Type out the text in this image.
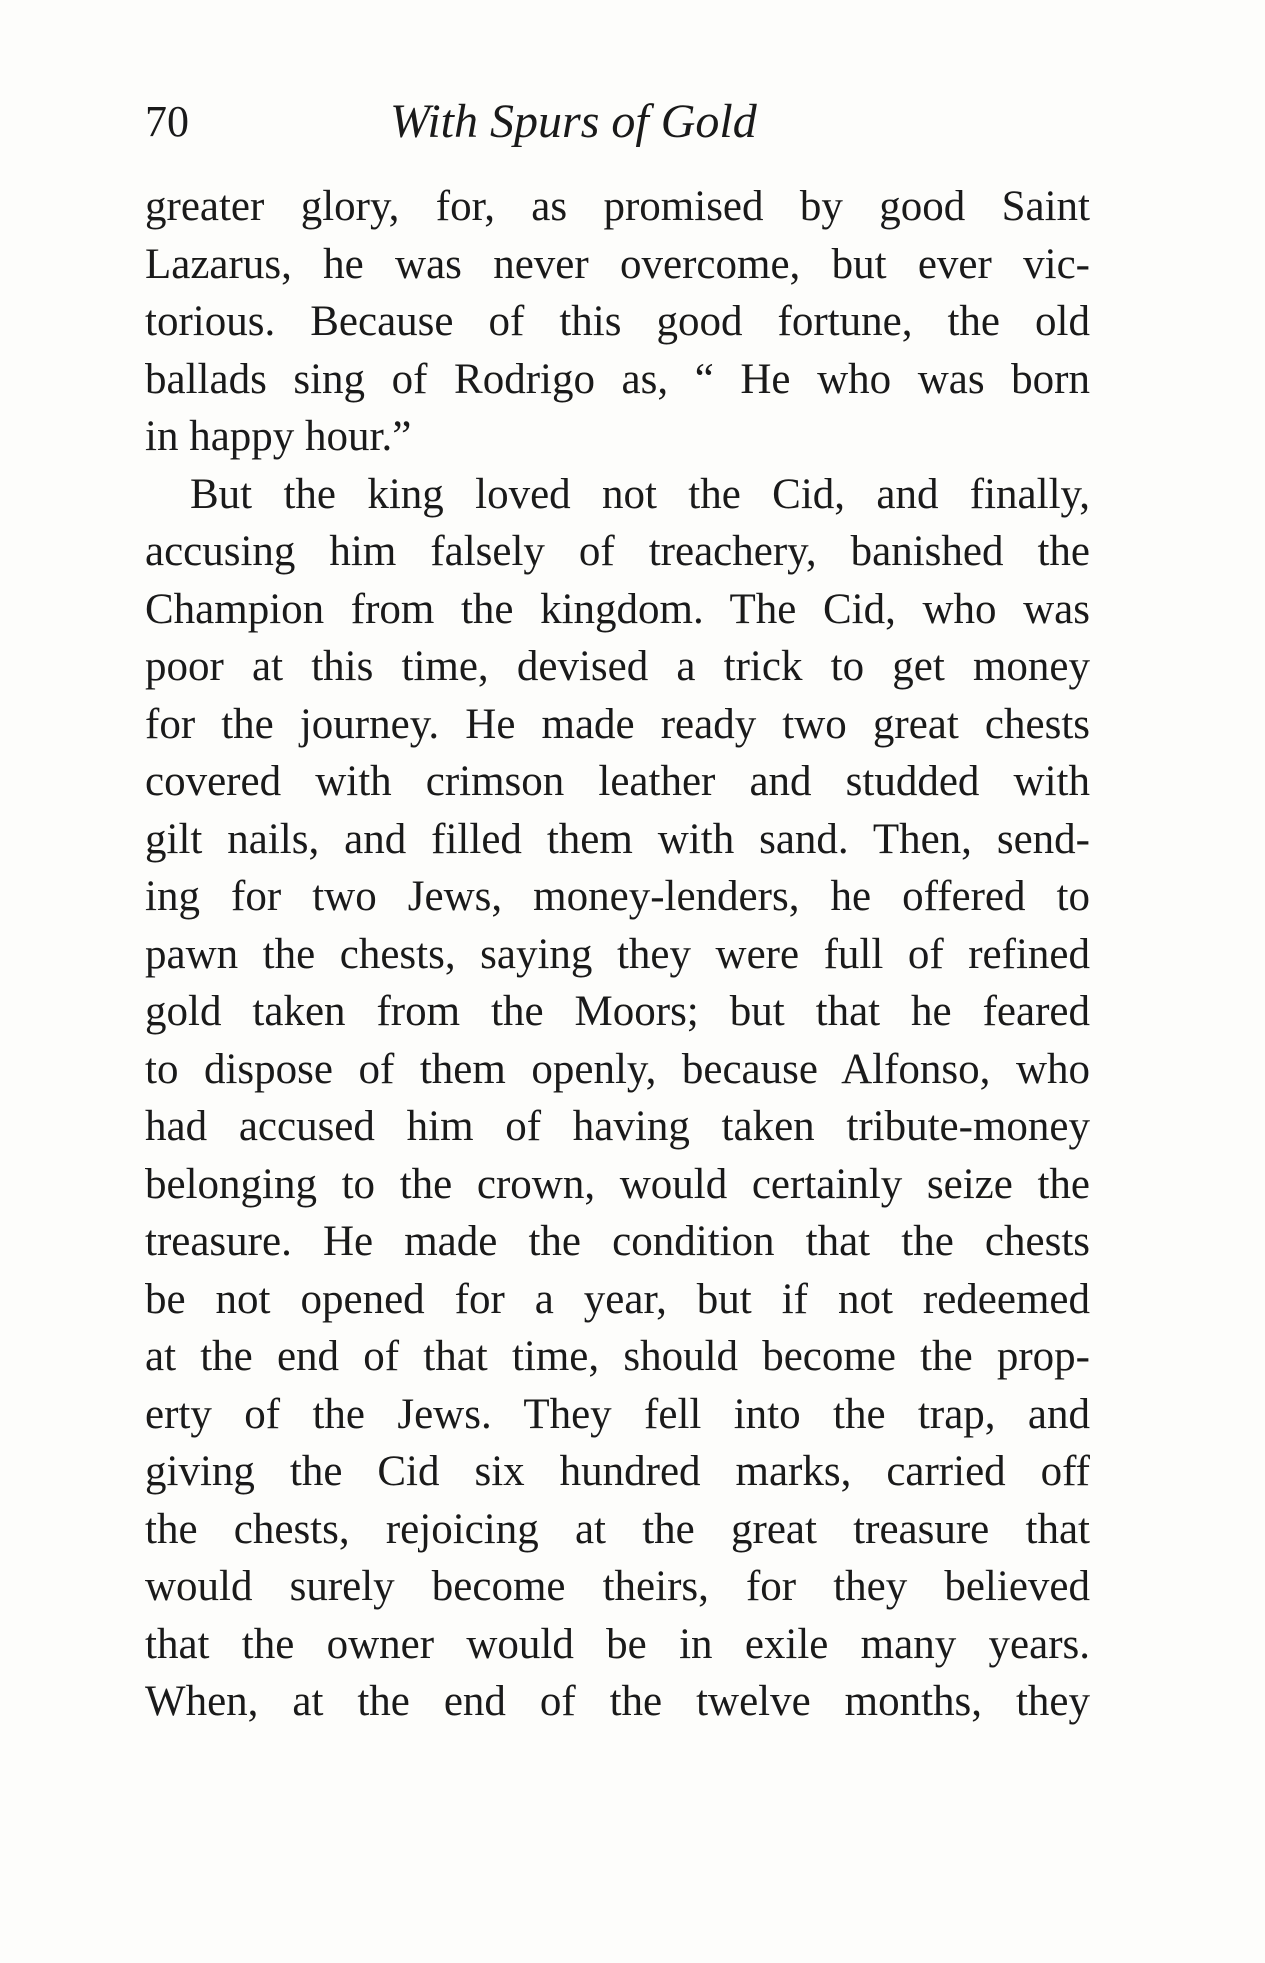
70	With Spurs of Gold
greater glory, for, as promised by good Saint
Lazarus, he was never overcome, but ever vic-
torious. Because of this good fortune, the old
ballads sing of Rodrigo as, “ He who was born
in happy hour.”
But the king loved not the Cid, and finally,
accusing him falsely of treachery, banished the
Champion from the kingdom. The Cid, who was
poor at this time, devised a trick to get money
for the journey. He made ready two great chests
covered with crimson leather and studded with
gilt nails, and filled them with sand. Then, send-
ing for two Jews, money-lenders, he offered to
pawn the chests, saying they were full of refined
gold taken from the Moors; but that he feared
to dispose of them openly, because Alfonso, who
had accused him of having taken tribute-money
belonging to the crown, would certainly seize the
treasure. He made the condition that the chests
be not opened for a year, but if not redeemed
at the end of that time, should become the prop-
erty of the Jews. They fell into the trap, and
giving the Cid six hundred marks, carried off
the chests, rejoicing at the great treasure that
would surely become theirs, for they believed
that the owner would be in exile many years.
When, at the end of the twelve months, they
